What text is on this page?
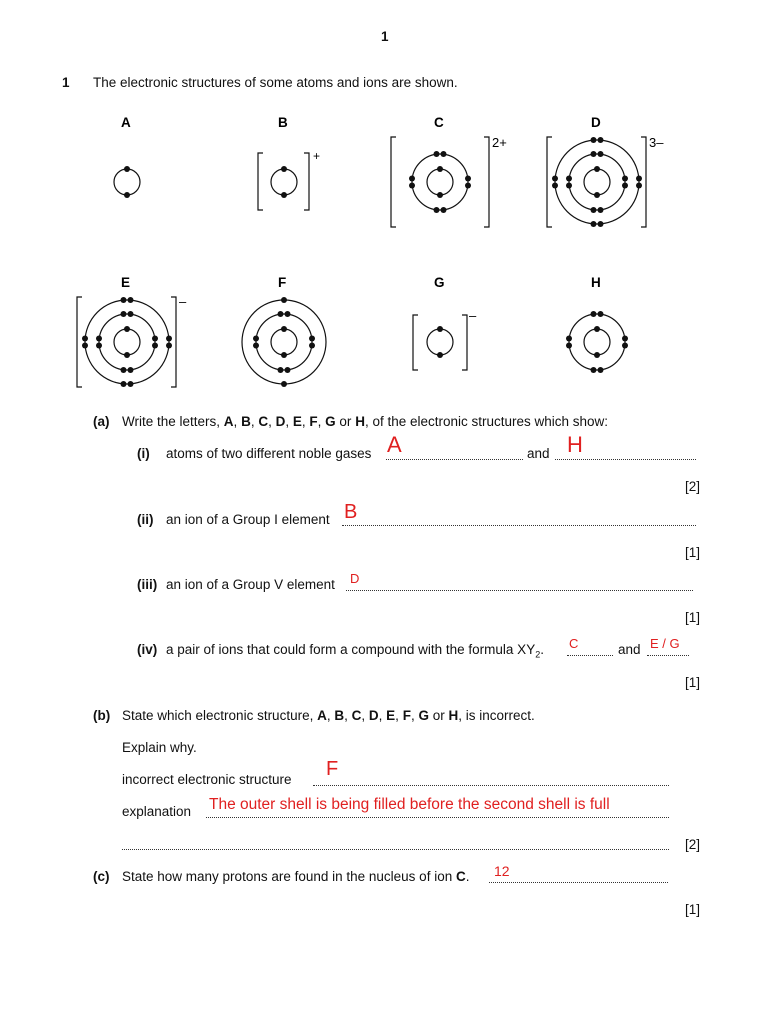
1
1 The electronic structures of some atoms and ions are shown.
A	B	C	D
E	F	G	H
+
2+	3–
–
–
(a) Write the letters, A, B, C, D, E, F, G or H, of the electronic structures which show:
(i) atoms of two different noble gases A	and H
[2]
(ii) an ion of a Group I element B
[1]
(iii) an ion of a Group V element D
[1]
(iv) a pair of ions that could form a compound with the formula $XY_2$. C	and E / G
[1]
(b) State which electronic structure, A, B, C, D, E, F, G or H, is incorrect.
Explain why.
incorrect electronic structure F
explanation The outer shell is being filled before the second shell is full
[2]
(c) State how many protons are found in the nucleus of ion C. 12
[1]
